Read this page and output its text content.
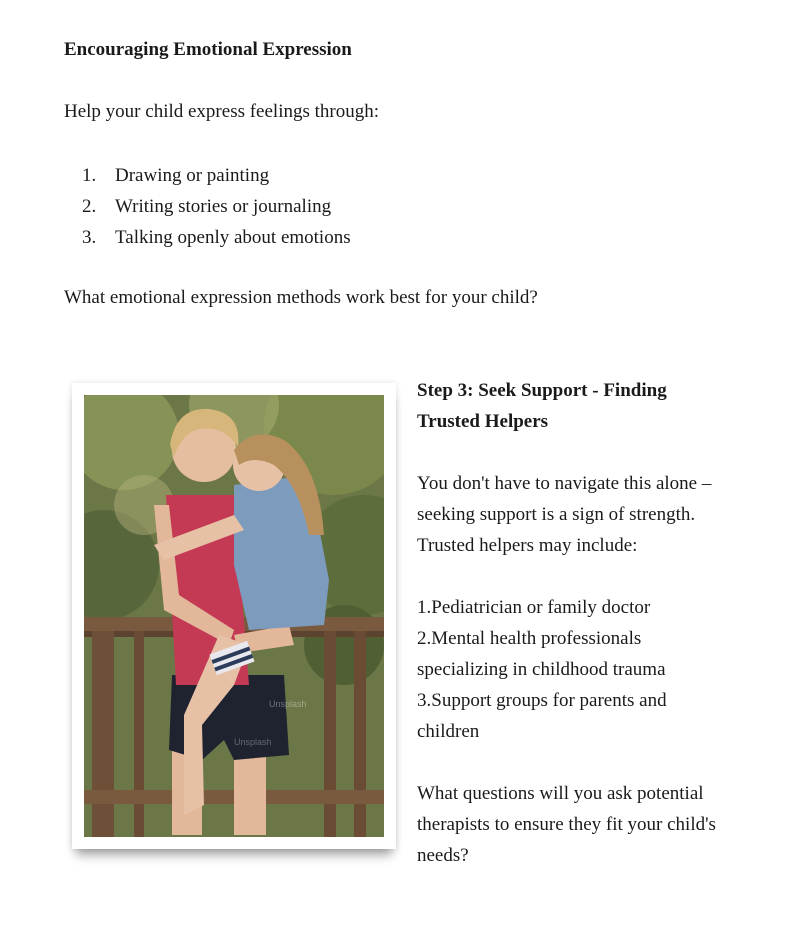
Encouraging Emotional Expression

Help your child express feelings through:

1. Drawing or painting
2. Writing stories or journaling
3. Talking openly about emotions

What emotional expression methods work best for your child?

Unsplash
Unsplash

Step 3: Seek Support - Finding

Trusted Helpers

You don't have to navigate this alone –

seeking support is a sign of strength.

Trusted helpers may include:

1.Pediatrician or family doctor

2.Mental health professionals

specializing in childhood trauma

3.Support groups for parents and

children

What questions will you ask potential

therapists to ensure they fit your child's

needs?
